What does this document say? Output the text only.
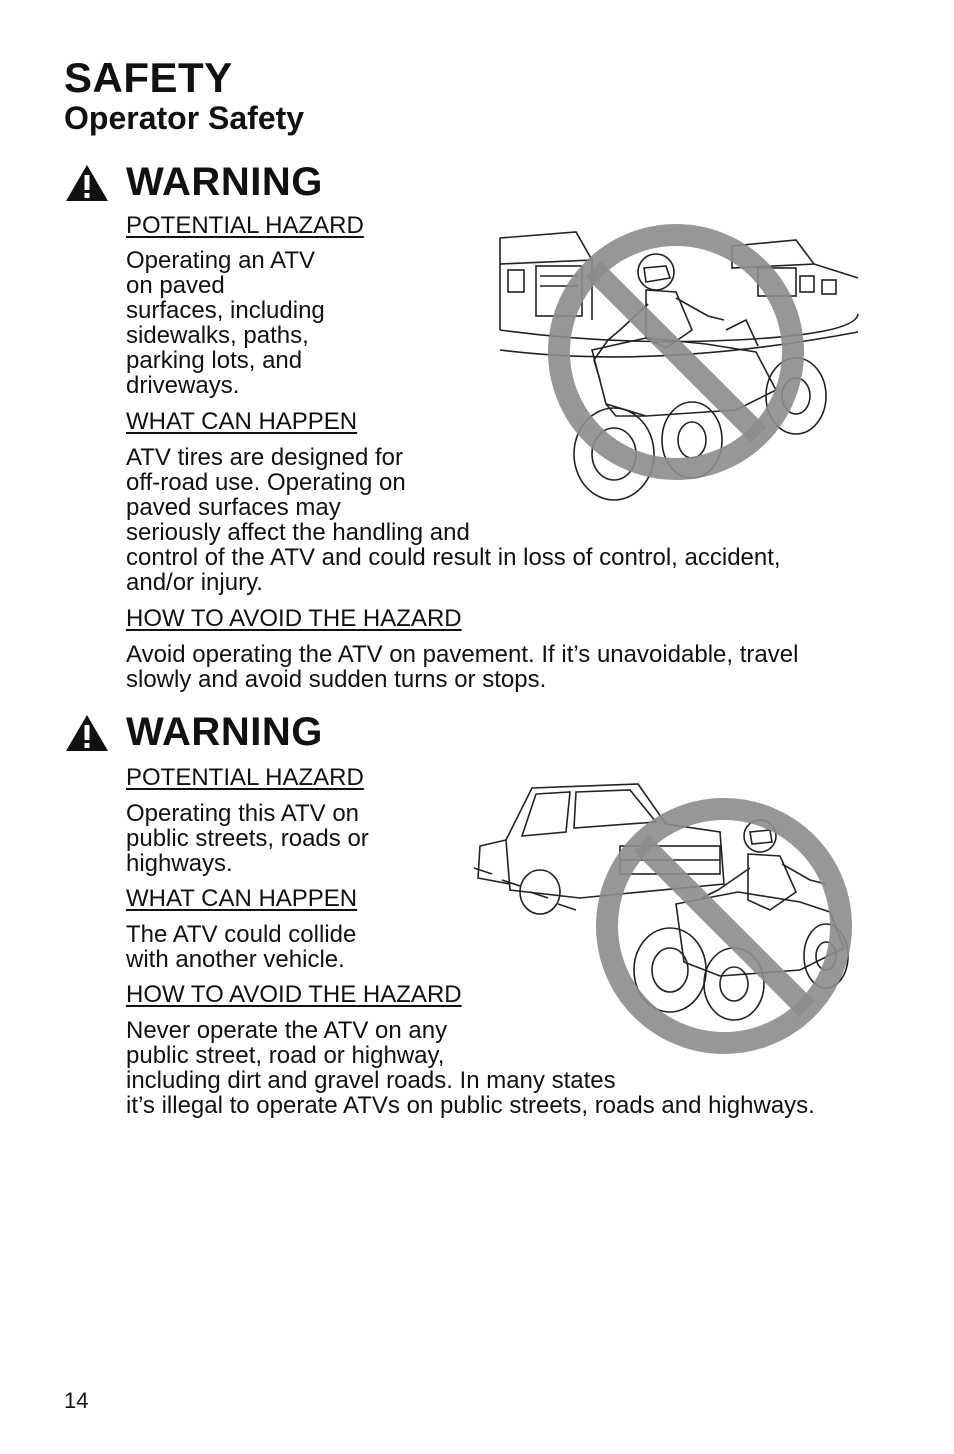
SAFETY
Operator Safety
WARNING
POTENTIAL HAZARD
Operating an ATV
on paved
surfaces, including
sidewalks, paths,
parking lots, and
driveways.
WHAT CAN HAPPEN
ATV tires are designed for
off-road use. Operating on
paved surfaces may
seriously affect the handling and
control of the ATV and could result in loss of control, accident,
and/or injury.
HOW TO AVOID THE HAZARD
Avoid operating the ATV on pavement. If it’s unavoidable, travel
slowly and avoid sudden turns or stops.
WARNING
POTENTIAL HAZARD
Operating this ATV on
public streets, roads or
highways.
WHAT CAN HAPPEN
The ATV could collide
with another vehicle.
HOW TO AVOID THE HAZARD
Never operate the ATV on any
public street, road or highway,
including dirt and gravel roads. In many states
it’s illegal to operate ATVs on public streets, roads and highways.
14
